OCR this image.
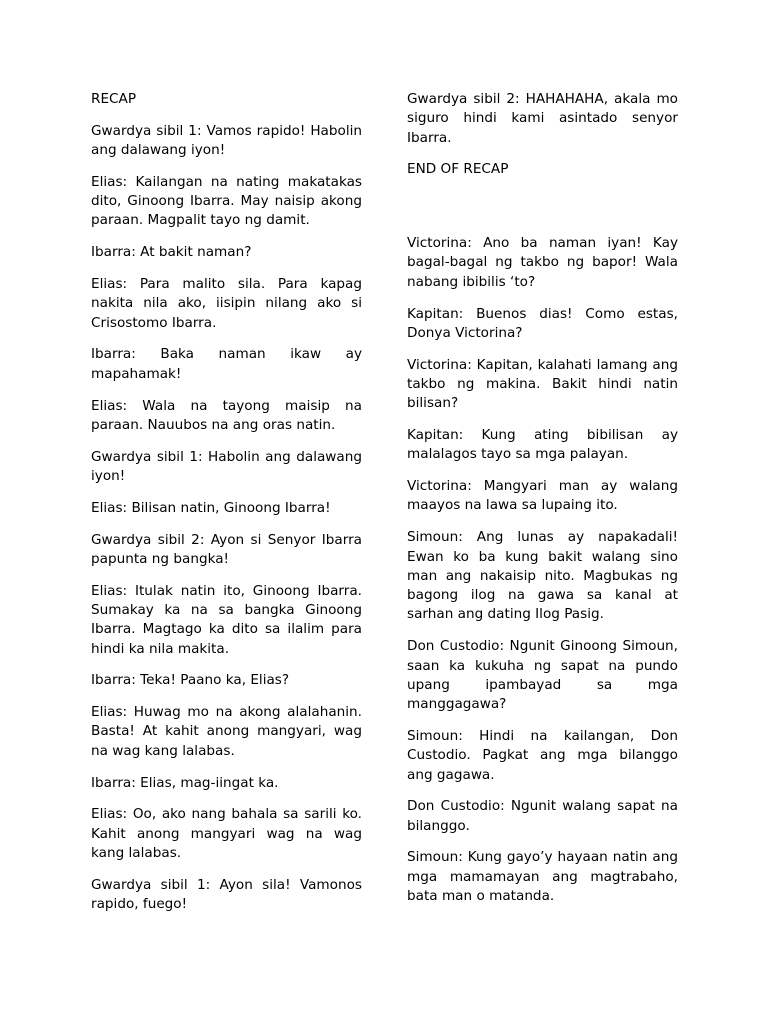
RECAP

Gwardya sibil 1: Vamos rapido! Habolin ang dalawang iyon!

Elias: Kailangan na nating makatakas dito, Ginoong Ibarra. May naisip akong paraan. Magpalit tayo ng damit.

Ibarra: At bakit naman?

Elias: Para malito sila. Para kapag nakita nila ako, iisipin nilang ako si Crisostomo Ibarra.

Ibarra: Baka naman ikaw ay mapahamak!

Elias: Wala na tayong maisip na paraan. Nauubos na ang oras natin.

Gwardya sibil 1: Habolin ang dalawang iyon!

Elias: Bilisan natin, Ginoong Ibarra!

Gwardya sibil 2: Ayon si Senyor Ibarra papunta ng bangka!

Elias: Itulak natin ito, Ginoong Ibarra. Sumakay ka na sa bangka Ginoong Ibarra. Magtago ka dito sa ilalim para hindi ka nila makita.

Ibarra: Teka! Paano ka, Elias?

Elias: Huwag mo na akong alalahanin. Basta! At kahit anong mangyari, wag na wag kang lalabas.

Ibarra: Elias, mag-iingat ka.

Elias: Oo, ako nang bahala sa sarili ko. Kahit anong mangyari wag na wag kang lalabas.

Gwardya sibil 1: Ayon sila! Vamonos rapido, fuego!

Gwardya sibil 2: HAHAHAHA, akala mo siguro hindi kami asintado senyor Ibarra.

END OF RECAP

Victorina: Ano ba naman iyan! Kay bagal-bagal ng takbo ng bapor! Wala nabang ibibilis ‘to?

Kapitan: Buenos dias! Como estas, Donya Victorina?

Victorina: Kapitan, kalahati lamang ang takbo ng makina. Bakit hindi natin bilisan?

Kapitan: Kung ating bibilisan ay malalagos tayo sa mga palayan.

Victorina: Mangyari man ay walang maayos na lawa sa lupaing ito.

Simoun: Ang lunas ay napakadali! Ewan ko ba kung bakit walang sino man ang nakaisip nito. Magbukas ng bagong ilog na gawa sa kanal at sarhan ang dating Ilog Pasig.

Don Custodio: Ngunit Ginoong Simoun, saan ka kukuha ng sapat na pundo upang ipambayad sa mga manggagawa?

Simoun: Hindi na kailangan, Don Custodio. Pagkat ang mga bilanggo ang gagawa.

Don Custodio: Ngunit walang sapat na bilanggo.

Simoun: Kung gayo’y hayaan natin ang mga mamamayan ang magtrabaho, bata man o matanda.
